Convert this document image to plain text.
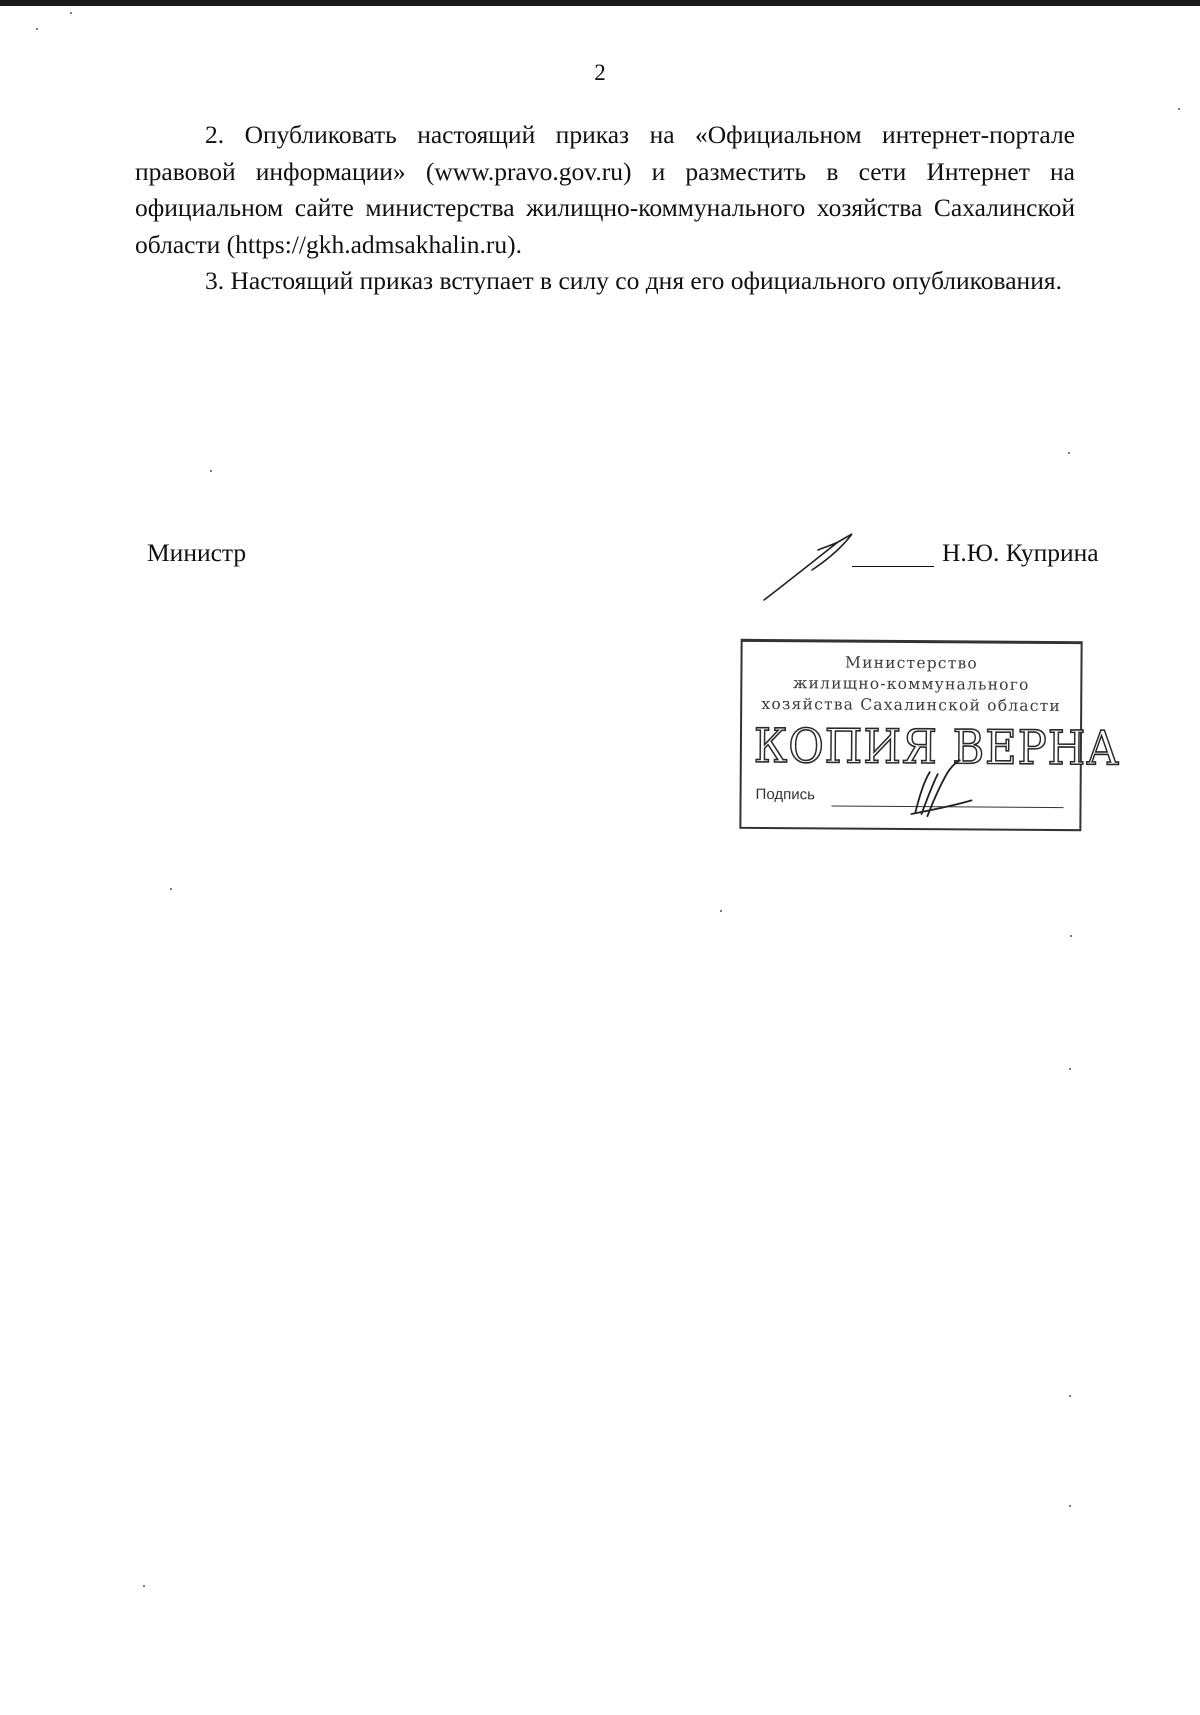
2

2. Опубликовать настоящий приказ на «Официальном интернет-портале правовой информации» (www.pravo.gov.ru) и разместить в сети Интернет на официальном сайте министерства жилищно-коммунального хозяйства Сахалинской области (https://gkh.admsakhalin.ru).

3. Настоящий приказ вступает в силу со дня его официального опубликования.

Министр	Н.Ю. Куприна
Министерство
жилищно-коммунального
хозяйства Сахалинской области
КОПИЯ ВЕРНА
Подпись
